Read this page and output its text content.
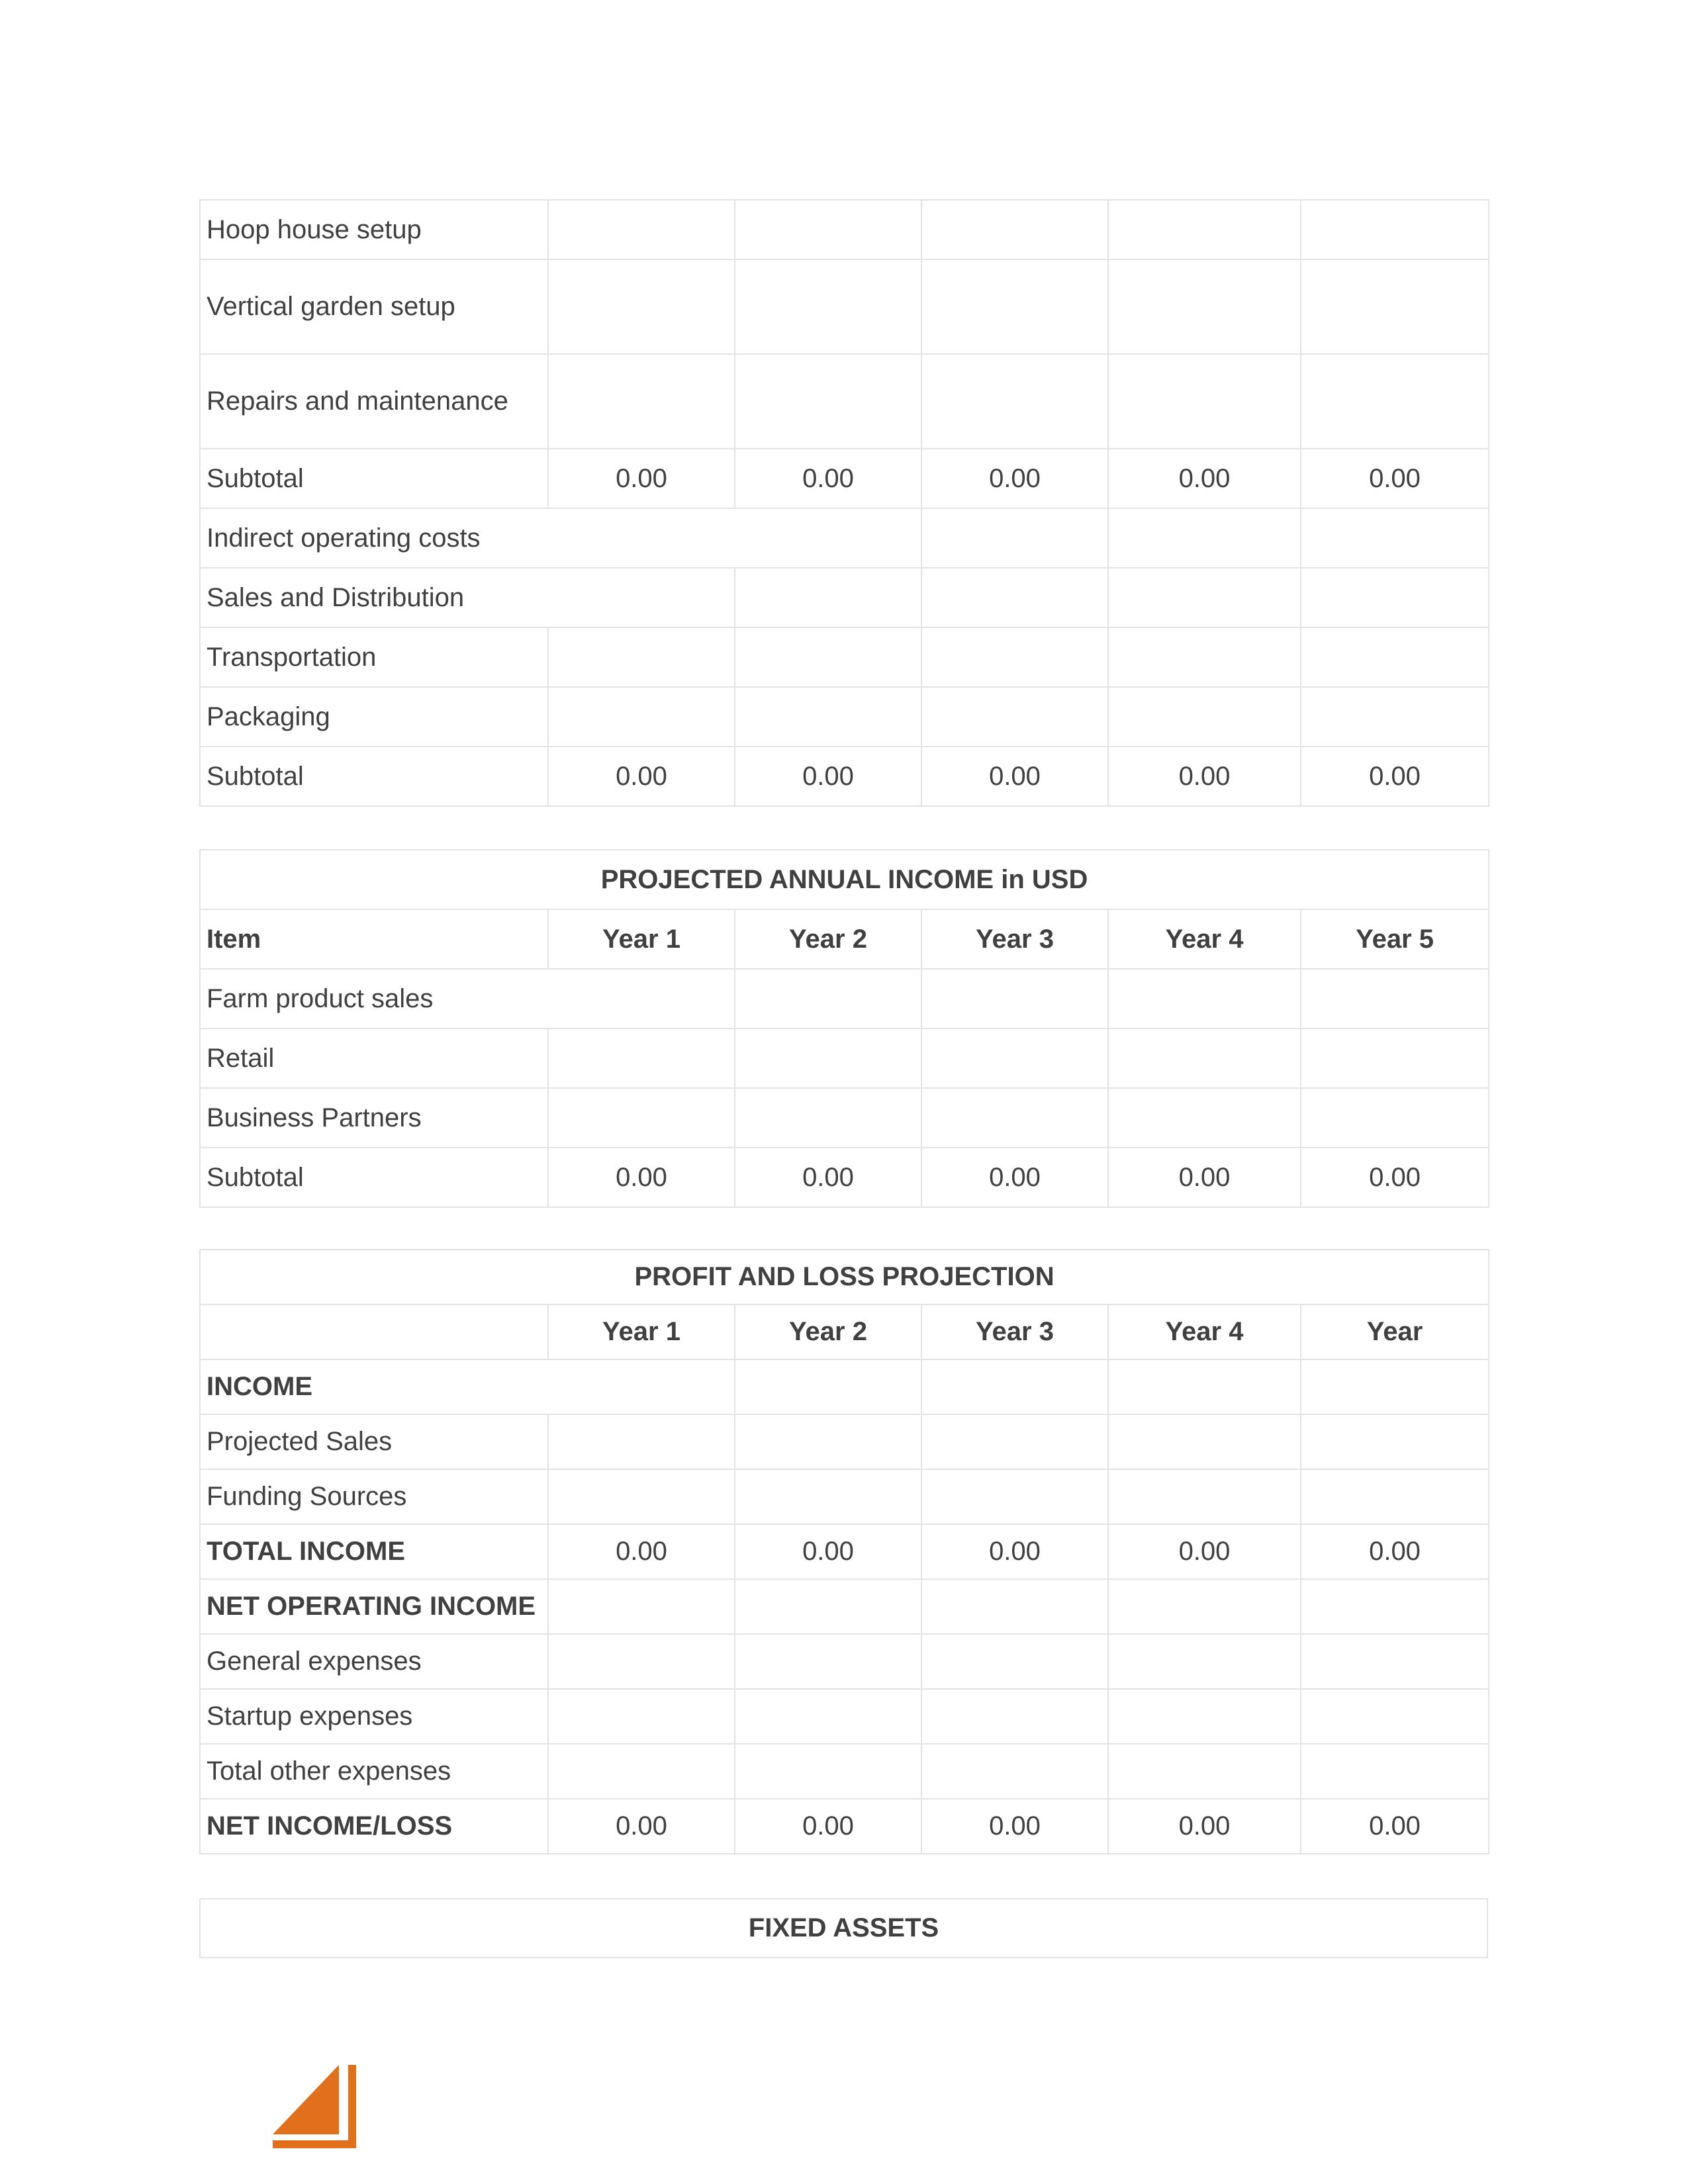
Hoop house setup					
Vertical garden setup					
Repairs and maintenance					
Subtotal	0.00	0.00	0.00	0.00	0.00
Indirect operating costs					
Sales and Distribution					
Transportation					
Packaging					
Subtotal	0.00	0.00	0.00	0.00	0.00
PROJECTED ANNUAL INCOME in USD					
Item	Year 1	Year 2	Year 3	Year 4	Year 5
Farm product sales					
Retail					
Business Partners					
Subtotal	0.00	0.00	0.00	0.00	0.00
PROFIT AND LOSS PROJECTION					
	Year 1	Year 2	Year 3	Year 4	Year
INCOME					
Projected Sales					
Funding Sources					
TOTAL INCOME	0.00	0.00	0.00	0.00	0.00
NET OPERATING INCOME					
General expenses					
Startup expenses					
Total other expenses					
NET INCOME/LOSS	0.00	0.00	0.00	0.00	0.00
FIXED ASSETS
